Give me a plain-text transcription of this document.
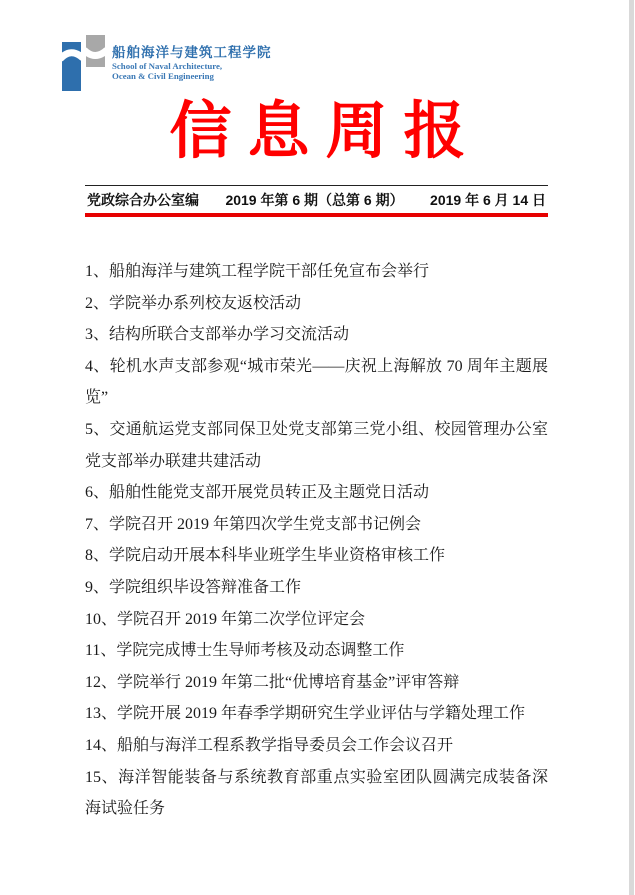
船舶海洋与建筑工程学院
School of Naval Architecture,
Ocean & Civil Engineering
信息周报
党政综合办公室编 2019 年第 6 期（总第 6 期） 2019 年 6 月 14 日

1、船舶海洋与建筑工程学院干部任免宣布会举行

2、学院举办系列校友返校活动

3、结构所联合支部举办学习交流活动

4、轮机水声支部参观“城市荣光——庆祝上海解放 70 周年主题展览”

5、交通航运党支部同保卫处党支部第三党小组、校园管理办公室党支部举办联建共建活动

6、船舶性能党支部开展党员转正及主题党日活动

7、学院召开 2019 年第四次学生党支部书记例会

8、学院启动开展本科毕业班学生毕业资格审核工作

9、学院组织毕设答辩准备工作

10、学院召开 2019 年第二次学位评定会

11、学院完成博士生导师考核及动态调整工作

12、学院举行 2019 年第二批“优博培育基金”评审答辩

13、学院开展 2019 年春季学期研究生学业评估与学籍处理工作

14、船舶与海洋工程系教学指导委员会工作会议召开

15、海洋智能装备与系统教育部重点实验室团队圆满完成装备深海试验任务
